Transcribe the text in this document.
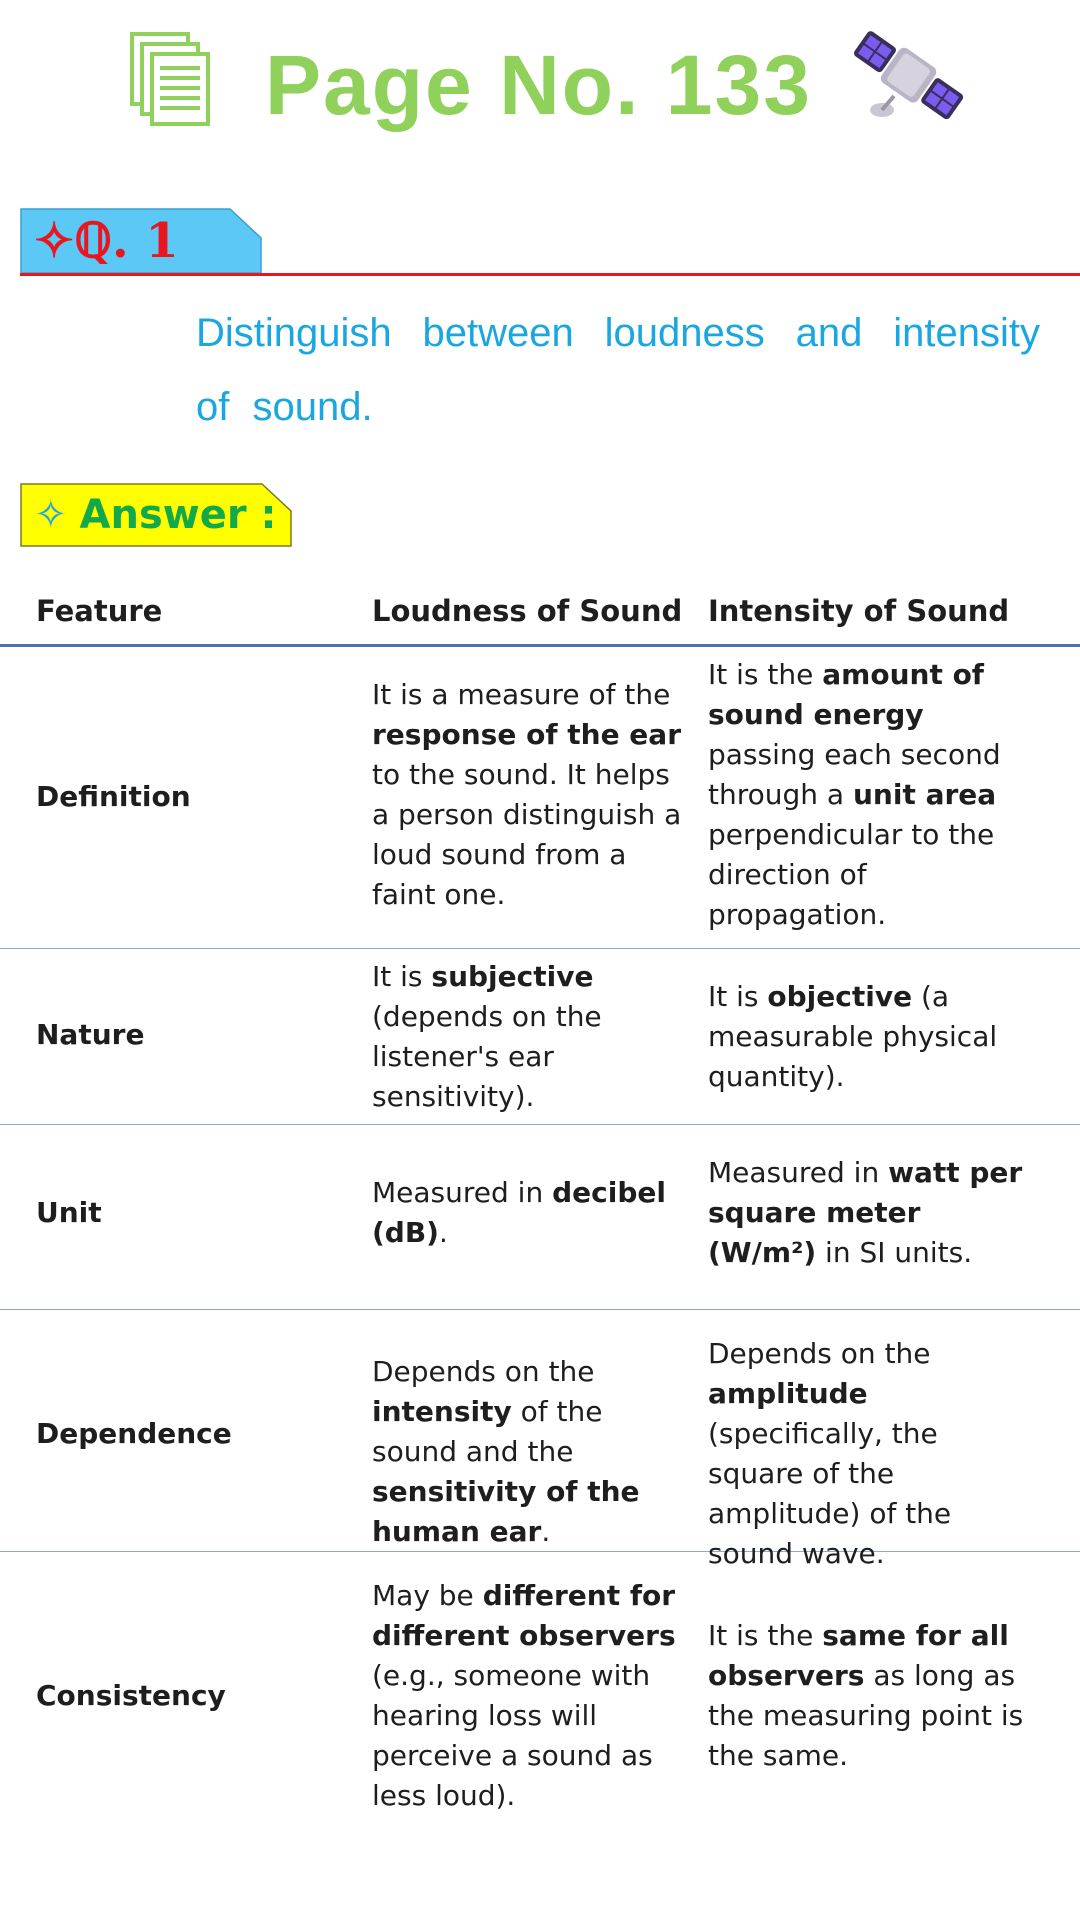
Page No. 133
✧ℚ. 1
Distinguish between loudness and intensity of sound.
✧ Answer :
Feature	Loudness of Sound Intensity of Sound
Definition
It is a measure of the response of the ear to the sound. It helps a person distinguish a loud sound from a faint one.
It is the amount of sound energy passing each second through a unit area perpendicular to the direction of propagation.
Nature
It is subjective (depends on the listener's ear sensitivity).
It is objective (a measurable physical quantity).
Unit
Measured in decibel (dB).
Measured in watt per square meter (W/m²) in SI units.
Dependence
Depends on the intensity of the sound and the sensitivity of the human ear.
Depends on the amplitude (specifically, the square of the amplitude) of the sound wave.
Consistency
May be different for different observers (e.g., someone with hearing loss will perceive a sound as less loud).
It is the same for all observers as long as the measuring point is the same.
